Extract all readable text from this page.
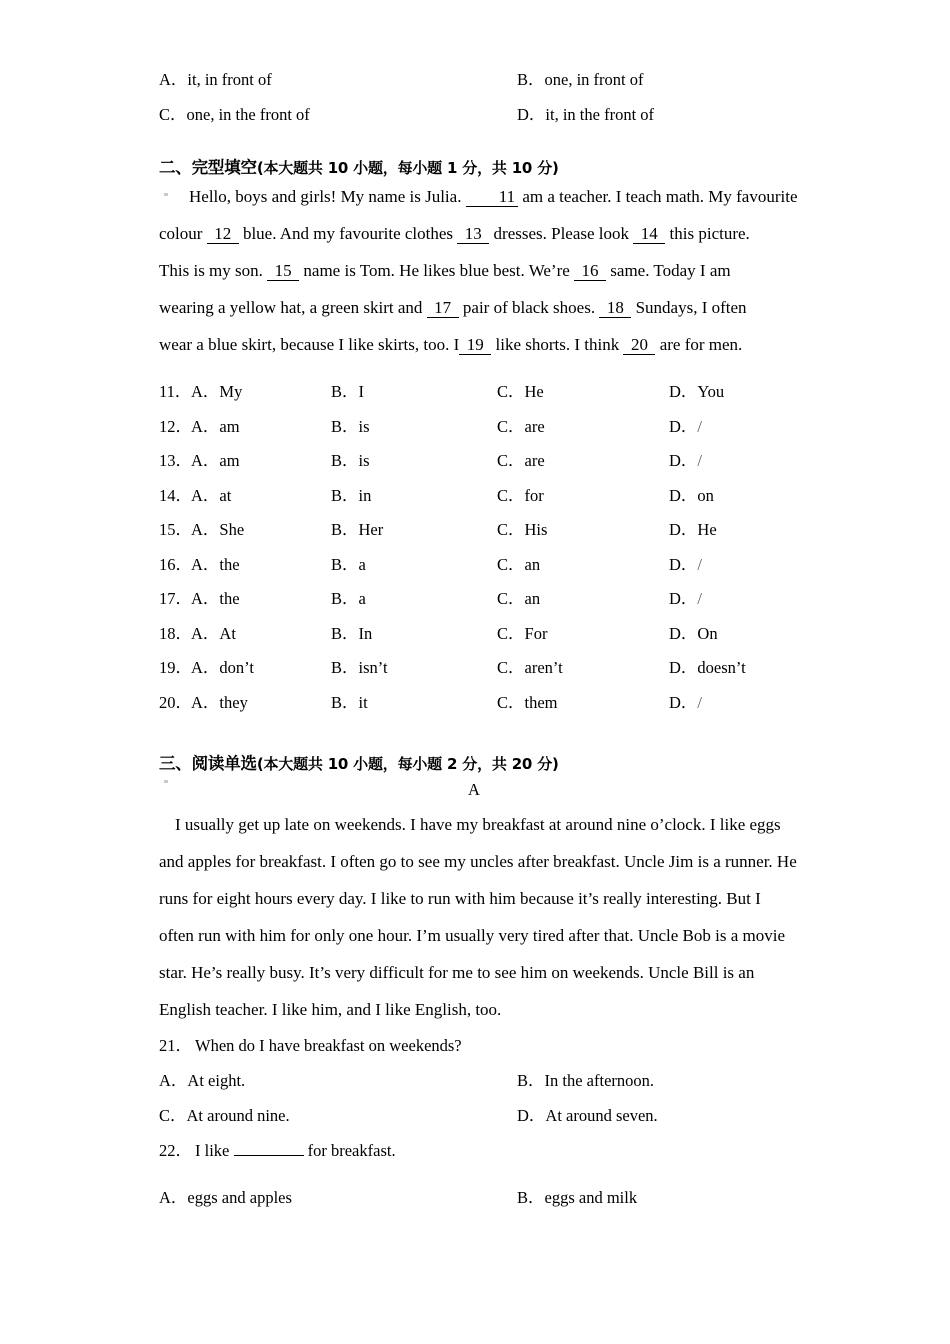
A ． it, in front of	B ． one, in front of
C ． one, in the front of	D ． it, in the front of
二、完型填空(本大题共 10 小题，每小题 1 分，共 10 分)

Hello, boys and girls! My name is Julia. 11 am a teacher. I teach math. My favourite

colour 12 blue. And my favourite clothes 13 dresses. Please look 14 this picture.

This is my son. 15 name is Tom. He likes blue best. We’re 16 same. Today I am

wearing a yellow hat, a green skirt and 17 pair of black shoes. 18 Sundays, I often

wear a blue skirt, because I like skirts, too. I 19 like shorts. I think 20 are for men.

11 ． A ． My	B ． I	C ． He	D ． You
12 ． A ． am	B ． is	C ． are	D ． /
13 ． A ． am	B ． is	C ． are	D ． /
14 ． A ． at	B ． in	C ． for	D ． on
15 ． A ． She	B ． Her	C ． His	D ． He
16 ． A ． the	B ． a	C ． an	D ． /
17 ． A ． the	B ． a	C ． an	D ． /
18 ． A ． At	B ． In	C ． For	D ． On
19 ． A ． don’t	B ． isn’t	C ． aren’t	D ． doesn’t
20 ． A ． they	B ． it	C ． them	D ． /
三、阅读单选(本大题共 10 小题，每小题 2 分，共 20 分)
A

I usually get up late on weekends. I have my breakfast at around nine o’clock. I like eggs

and apples for breakfast. I often go to see my uncles after breakfast. Uncle Jim is a runner. He

runs for eight hours every day. I like to run with him because it’s really interesting. But I

often run with him for only one hour. I’m usually very tired after that. Uncle Bob is a movie

star. He’s really busy. It’s very difficult for me to see him on weekends. Uncle Bill is an

English teacher. I like him, and I like English, too.

21 ． When do I have breakfast on weekends?
A ． At eight.	B ． In the afternoon.
C ． At around nine.	D ． At around seven.
22 ． I like	for breakfast.
A ． eggs and apples	B ． eggs and milk
